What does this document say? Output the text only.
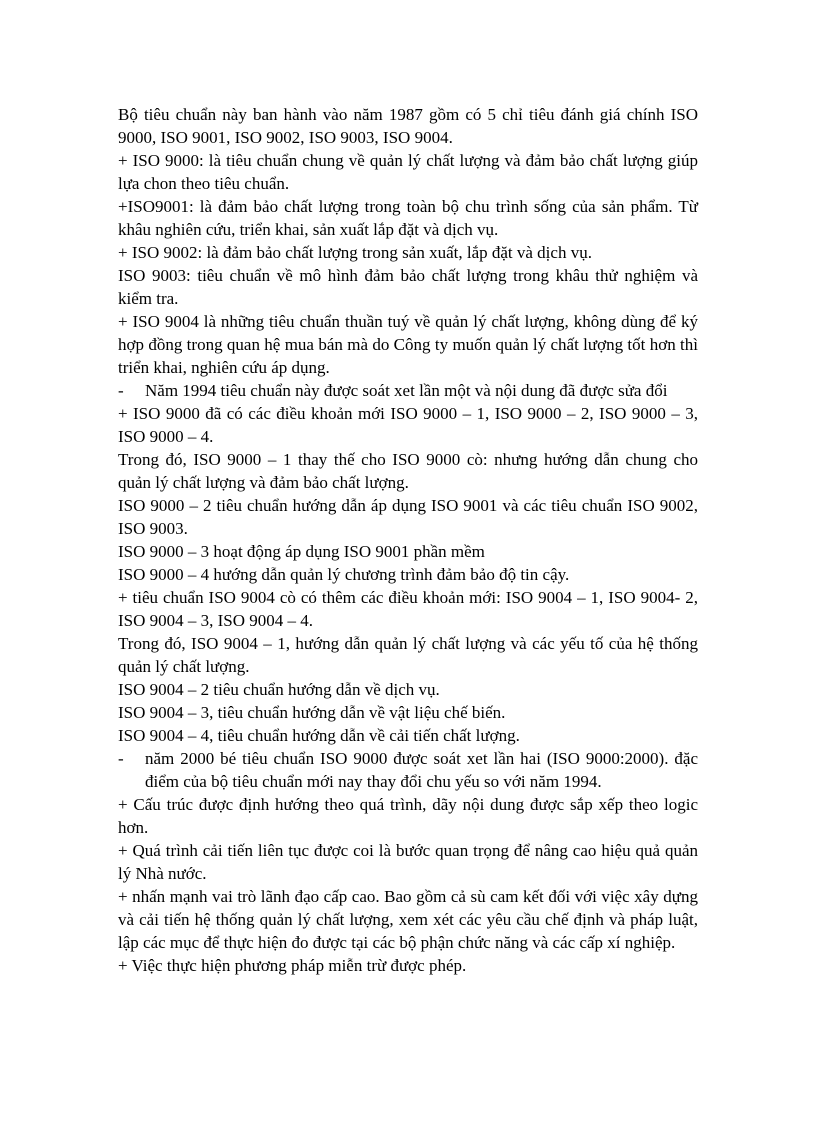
Bộ tiêu chuẩn này ban hành vào năm 1987 gồm có 5 chỉ tiêu đánh giá chính ISO 9000, ISO 9001, ISO 9002, ISO 9003, ISO 9004.

+ ISO 9000: là tiêu chuẩn chung về quản lý chất lượng và đảm bảo chất lượng giúp lựa chon theo tiêu chuẩn.

+ISO9001: là đảm bảo chất lượng trong toàn bộ chu trình sống của sản phẩm. Từ khâu nghiên cứu, triển khai, sản xuất lắp đặt và dịch vụ.

+ ISO 9002: là đảm bảo chất lượng trong sản xuất, lắp đặt và dịch vụ.

ISO 9003: tiêu chuẩn về mô hình đảm bảo chất lượng trong khâu thử nghiệm và kiểm tra.

+ ISO 9004 là những tiêu chuẩn thuần tuý về quản lý chất lượng, không dùng để ký hợp đồng trong quan hệ mua bán mà do Công ty muốn quản lý chất lượng tốt hơn thì triển khai, nghiên cứu áp dụng.

- Năm 1994 tiêu chuẩn này được soát xet lần một và nội dung đã được sửa đổi

+ ISO 9000 đã có các điều khoản mới ISO 9000 – 1, ISO 9000 – 2, ISO 9000 – 3, ISO 9000 – 4.

Trong đó, ISO 9000 – 1 thay thế cho ISO 9000 cò: nhưng hướng dẫn chung cho quản lý chất lượng và đảm bảo chất lượng.

ISO 9000 – 2 tiêu chuẩn hướng dẫn áp dụng ISO 9001 và các tiêu chuẩn ISO 9002, ISO 9003.

ISO 9000 – 3 hoạt động áp dụng ISO 9001 phần mềm

ISO 9000 – 4 hướng dẫn quản lý chương trình đảm bảo độ tin cậy.

+ tiêu chuẩn ISO 9004 cò có thêm các điều khoản mới: ISO 9004 – 1, ISO 9004- 2, ISO 9004 – 3, ISO 9004 – 4.

Trong đó, ISO 9004 – 1, hướng dẫn quản lý chất lượng và các yếu tố của hệ thống quản lý chất lượng.

ISO 9004 – 2 tiêu chuẩn hướng dẫn về dịch vụ.

ISO 9004 – 3, tiêu chuẩn hướng dẫn về vật liệu chế biến.

ISO 9004 – 4, tiêu chuẩn hướng dẫn về cải tiến chất lượng.

- năm 2000 bé tiêu chuẩn ISO 9000 được soát xet lần hai (ISO 9000:2000). đặc điểm của bộ tiêu chuẩn mới nay thay đổi chu yếu so với năm 1994.

+ Cấu trúc được định hướng theo quá trình, dãy nội dung được sắp xếp theo logic hơn.

+ Quá trình cải tiến liên tục được coi là bước quan trọng để nâng cao hiệu quả quản lý Nhà nước.

+ nhấn mạnh vai trò lãnh đạo cấp cao. Bao gồm cả sù cam kết đối với việc xây dựng và cải tiến hệ thống quản lý chất lượng, xem xét các yêu cầu chế định và pháp luật, lập các mục để thực hiện đo được tại các bộ phận chức năng và các cấp xí nghiệp.

+ Việc thực hiện phương pháp miễn trừ được phép.
